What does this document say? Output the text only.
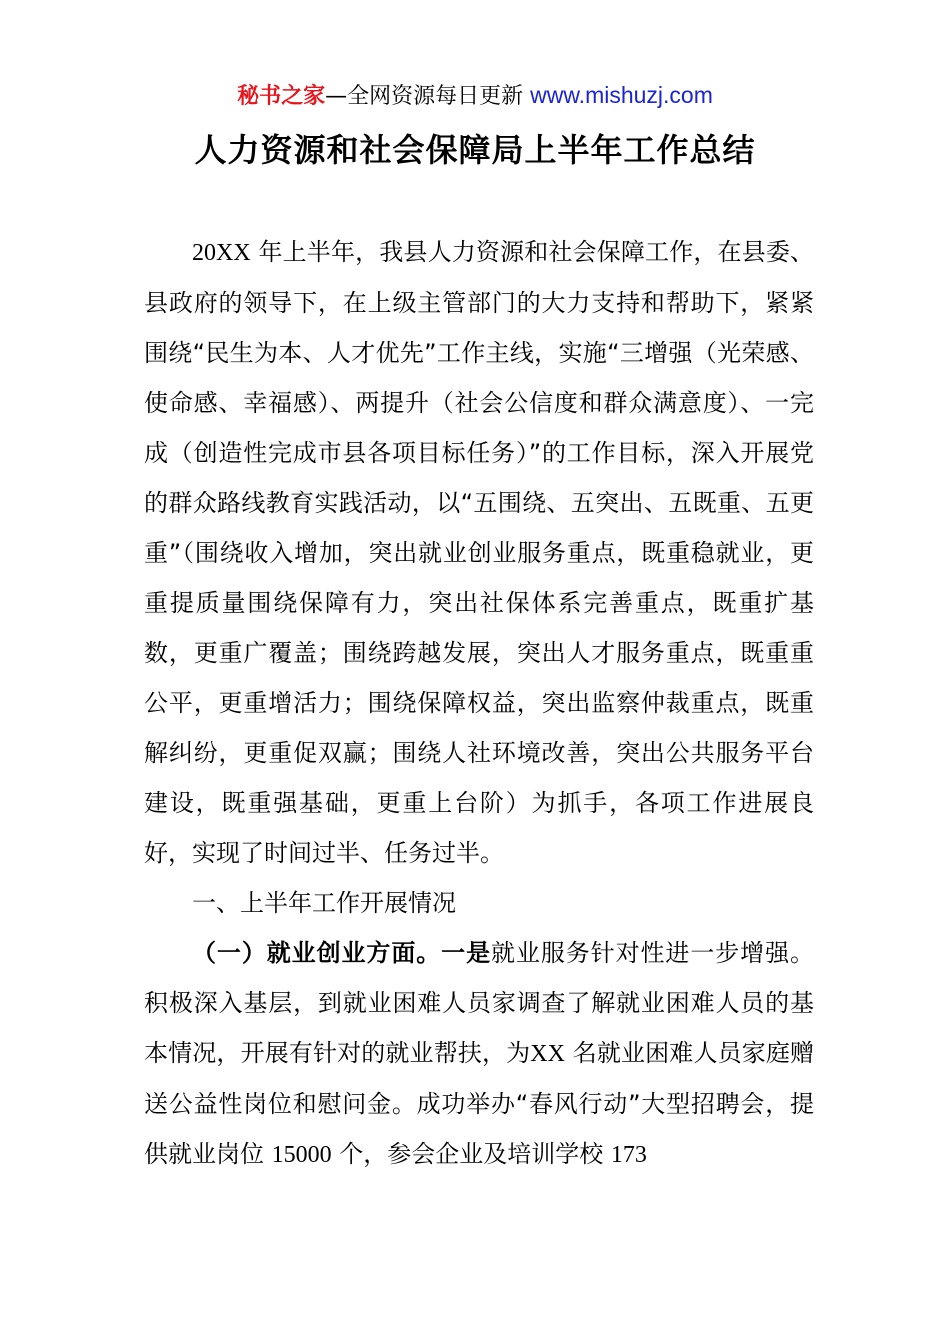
秘书之家—全网资源每日更新 www.mishuzj.com
人力资源和社会保障局上半年工作总结

20XX 年上半年，我县人力资源和社会保障工作，在县委、县政府的领导下，在上级主管部门的大力支持和帮助下，紧紧围绕“民生为本、人才优先”工作主线，实施“三增强（光荣感、使命感、幸福感）、两提升（社会公信度和群众满意度）、一完成（创造性完成市县各项目标任务）”的工作目标，深入开展党的群众路线教育实践活动，以“五围绕、五突出、五既重、五更重”（围绕收入增加，突出就业创业服务重点，既重稳就业，更重提质量围绕保障有力，突出社保体系完善重点，既重扩基数，更重广覆盖；围绕跨越发展，突出人才服务重点，既重重公平，更重增活力；围绕保障权益，突出监察仲裁重点，既重解纠纷，更重促双赢；围绕人社环境改善，突出公共服务平台建设，既重强基础，更重上台阶）为抓手，各项工作进展良好，实现了时间过半、任务过半。

一、上半年工作开展情况

（一）就业创业方面。一是就业服务针对性进一步增强。积极深入基层，到就业困难人员家调查了解就业困难人员的基本情况，开展有针对的就业帮扶，为XX 名就业困难人员家庭赠送公益性岗位和慰问金。成功举办“春风行动”大型招聘会，提供就业岗位 15000 个，参会企业及培训学校 173
